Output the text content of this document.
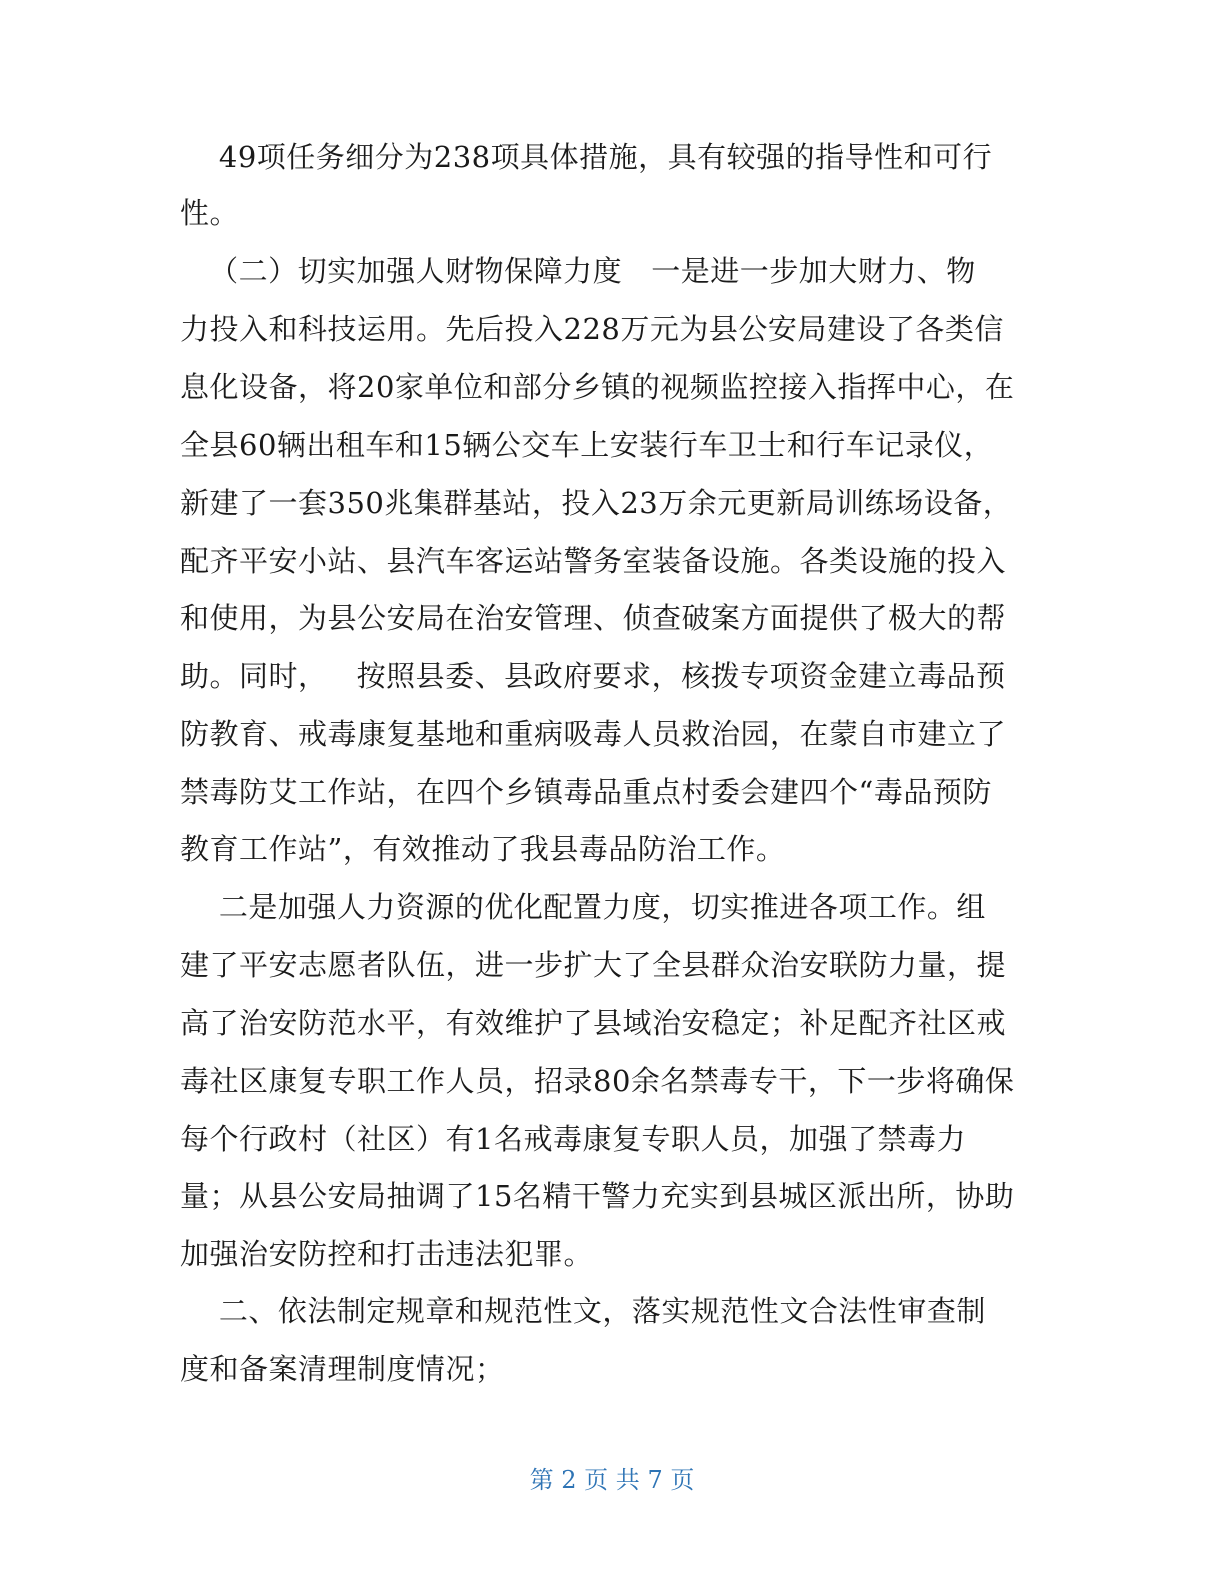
49项任务细分为238项具体措施，具有较强的指导性和可行
性。
（二）切实加强人财物保障力度   一是进一步加大财力、物
力投入和科技运用。先后投入228万元为县公安局建设了各类信
息化设备，将20家单位和部分乡镇的视频监控接入指挥中心，在
全县60辆出租车和15辆公交车上安装行车卫士和行车记录仪，
新建了一套350兆集群基站，投入23万余元更新局训练场设备，
配齐平安小站、县汽车客运站警务室装备设施。各类设施的投入
和使用，为县公安局在治安管理、侦查破案方面提供了极大的帮
助。同时，   按照县委、县政府要求，核拨专项资金建立毒品预
防教育、戒毒康复基地和重病吸毒人员救治园，在蒙自市建立了
禁毒防艾工作站，在四个乡镇毒品重点村委会建四个“毒品预防
教育工作站”，有效推动了我县毒品防治工作。
二是加强人力资源的优化配置力度，切实推进各项工作。组
建了平安志愿者队伍，进一步扩大了全县群众治安联防力量，提
高了治安防范水平，有效维护了县域治安稳定；补足配齐社区戒
毒社区康复专职工作人员，招录80余名禁毒专干，下一步将确保
每个行政村（社区）有1名戒毒康复专职人员，加强了禁毒力
量；从县公安局抽调了15名精干警力充实到县城区派出所，协助
加强治安防控和打击违法犯罪。
二、依法制定规章和规范性文，落实规范性文合法性审查制
度和备案清理制度情况；
第 2 页 共 7 页
